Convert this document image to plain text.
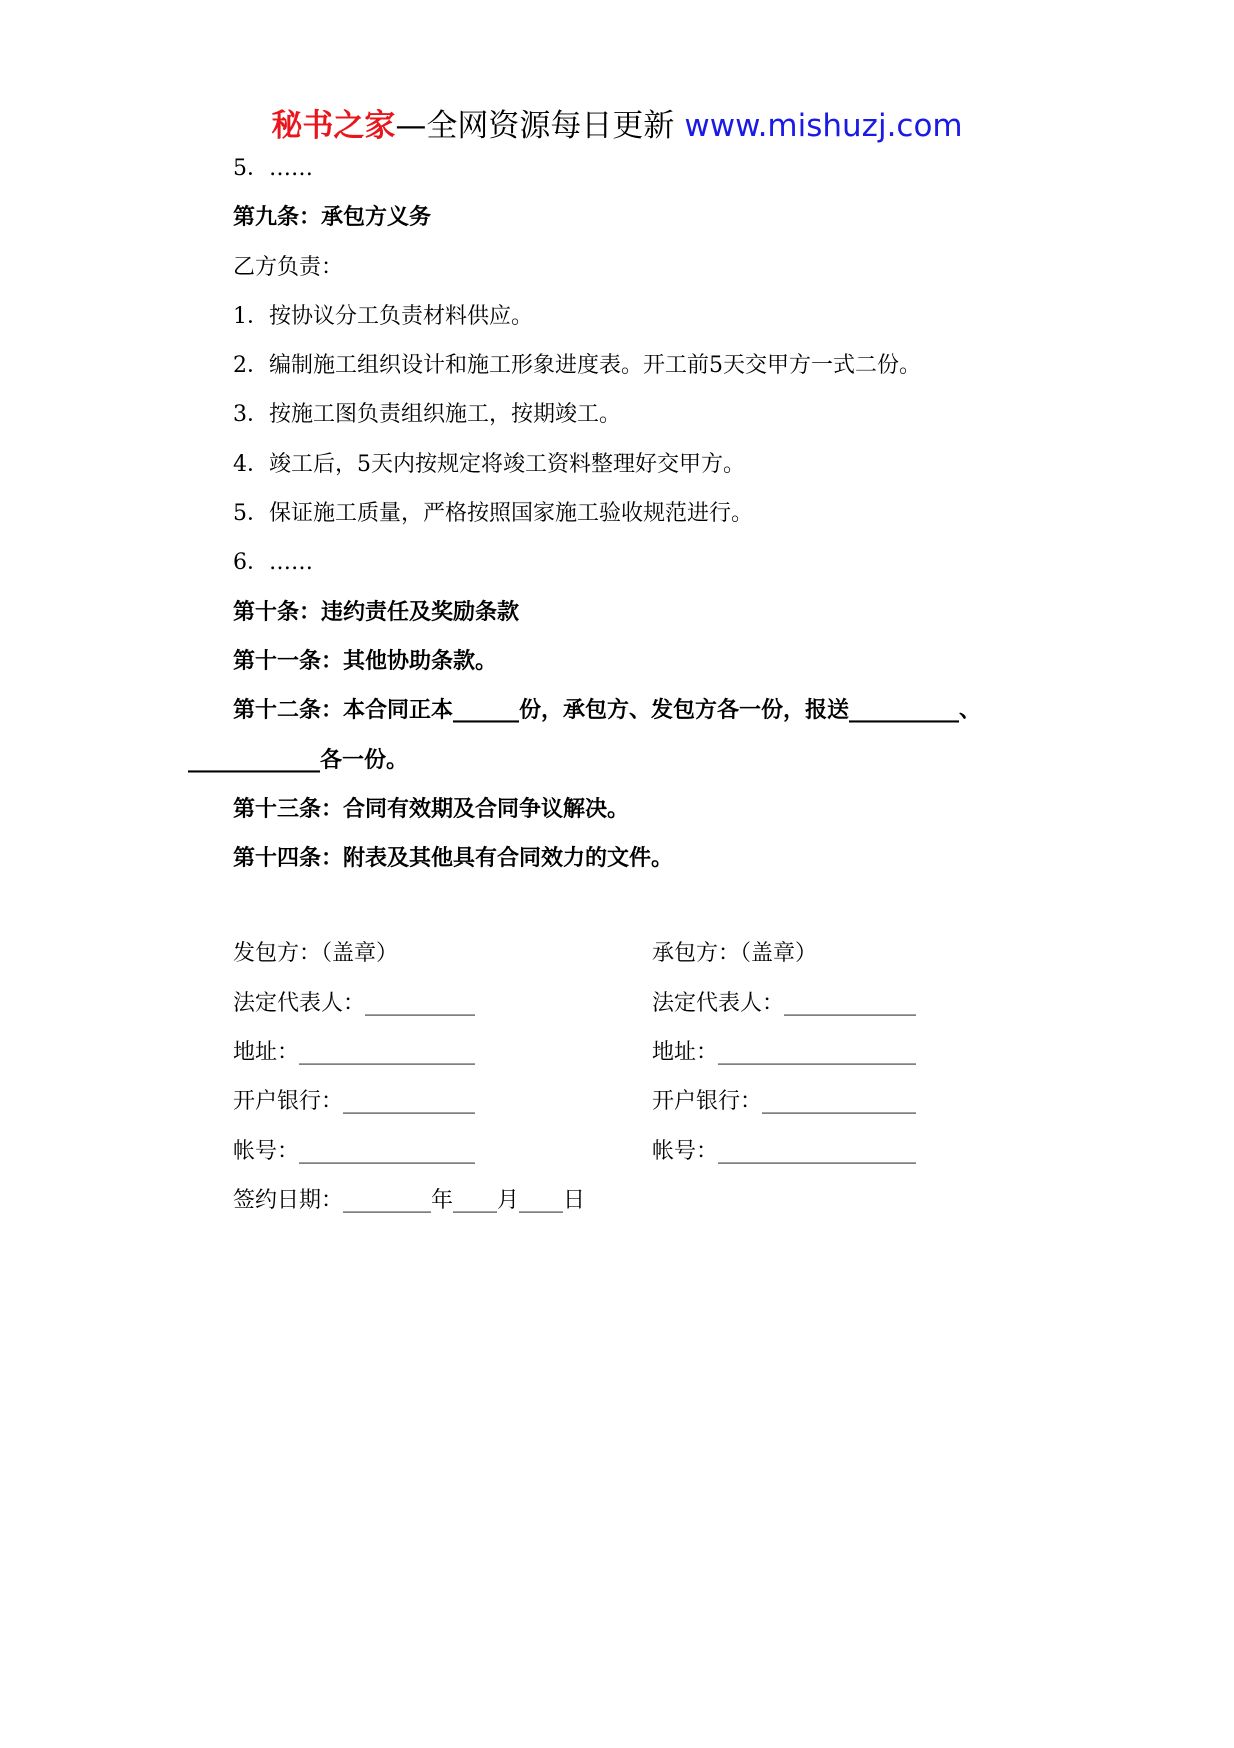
秘书之家—全网资源每日更新 www.mishuzj.com
5．……
第九条：承包方义务
乙方负责：
1．按协议分工负责材料供应。
2．编制施工组织设计和施工形象进度表。开工前5天交甲方一式二份。
3．按施工图负责组织施工，按期竣工。
4．竣工后，5天内按规定将竣工资料整理好交甲方。
5．保证施工质量，严格按照国家施工验收规范进行。
6．……
第十条：违约责任及奖励条款
第十一条：其他协助条款。
第十二条：本合同正本______份，承包方、发包方各一份，报送__________、
____________各一份。
第十三条：合同有效期及合同争议解决。
第十四条：附表及其他具有合同效力的文件。
发包方：（盖章）	承包方：（盖章）
法定代表人：__________	法定代表人：____________
地址：________________	地址：__________________
开户银行：____________	开户银行：______________
帐号：________________	帐号：__________________
签约日期：________年____月____日
